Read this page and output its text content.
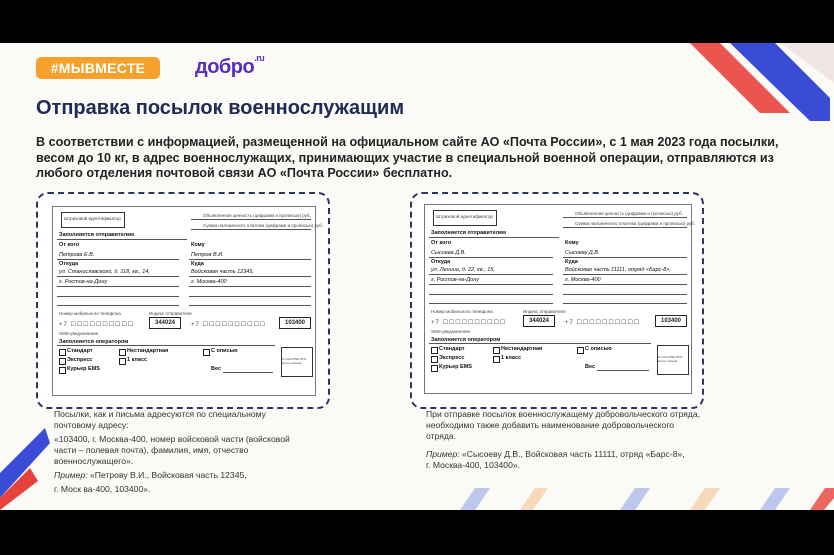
#МЫВМЕСТЕ	добро$^{.ru}$
Отправка посылок военнослужащим

В соответствии с информацией, размещенной на официальном сайте АО «Почта России», с 1 мая 2023 года посылки, весом до 10 кг, в адрес военнослужащих, принимающих участие в специальной военной операции, отправляются из любого отделения почтовой связи АО «Почта России» бесплатно.

Штриховой идентификатор
Объявленная ценность (цифрами и прописью) руб.
Сумма наложенного платежа (цифрами и прописью) руб.
Заполняется отправителем
От кого	Кому
Петрова Е.В.	Петров В.И.
Откуда	Куда
ул. Станиславского, д. 118, кв., 14,	Войсковая часть 12345,
г. Ростов-на-Дону	г. Москва-400
Номер мобильного телефона	Индекс отправителя
+7 ☐☐☐☐☐☐☐☐☐☐	344024	+7 ☐☐☐☐☐☐☐☐☐☐	103400
SMS-уведомление
Заполняется оператором
Стандарт	Нестандартная	С описью
Экспресс	1 класс
Курьер EMS	Вес
Оттиск КПШ ОПС места приема
Штриховой идентификатор
Объявленная ценность (цифрами и прописью) руб.
Сумма наложенного платежа (цифрами и прописью) руб.
Заполняется отправителем
От кого	Кому
Сысоева Д.В.	Сысоеву Д.В.
Откуда	Куда
ул. Ленина, д. 22, кв., 15,	Войсковая часть 11111, отряд «Барс-8»,
г. Ростов-на-Дону	г. Москва-400
Номер мобильного телефона	Индекс отправителя
+7 ☐☐☐☐☐☐☐☐☐☐	344024	+7 ☐☐☐☐☐☐☐☐☐☐	103400
SMS-уведомление
Заполняется оператором
Стандарт	Нестандартная	С описью
Экспресс	1 класс
Курьер EMS	Вес
Оттиск КПШ ОПС места приема

Посылки, как и письма адресуются по специальному почтовому адресу:

«103400, г. Москва-400, номер войсковой части (войсковой части – полевая почта), фамилия, имя, отчество военнослужащего».

Пример: «Петрову В.И., Войсковая часть 12345,

г. Моск ва-400, 103400».

При отправке посылок военнослужащему добровольческого отряда, необходимо также добавить наименование добровольческого отряда.

Пример: «Сысоеву Д.В., Войсковая часть 11111, отряд «Барс-8»,

г. Москва-400, 103400».
